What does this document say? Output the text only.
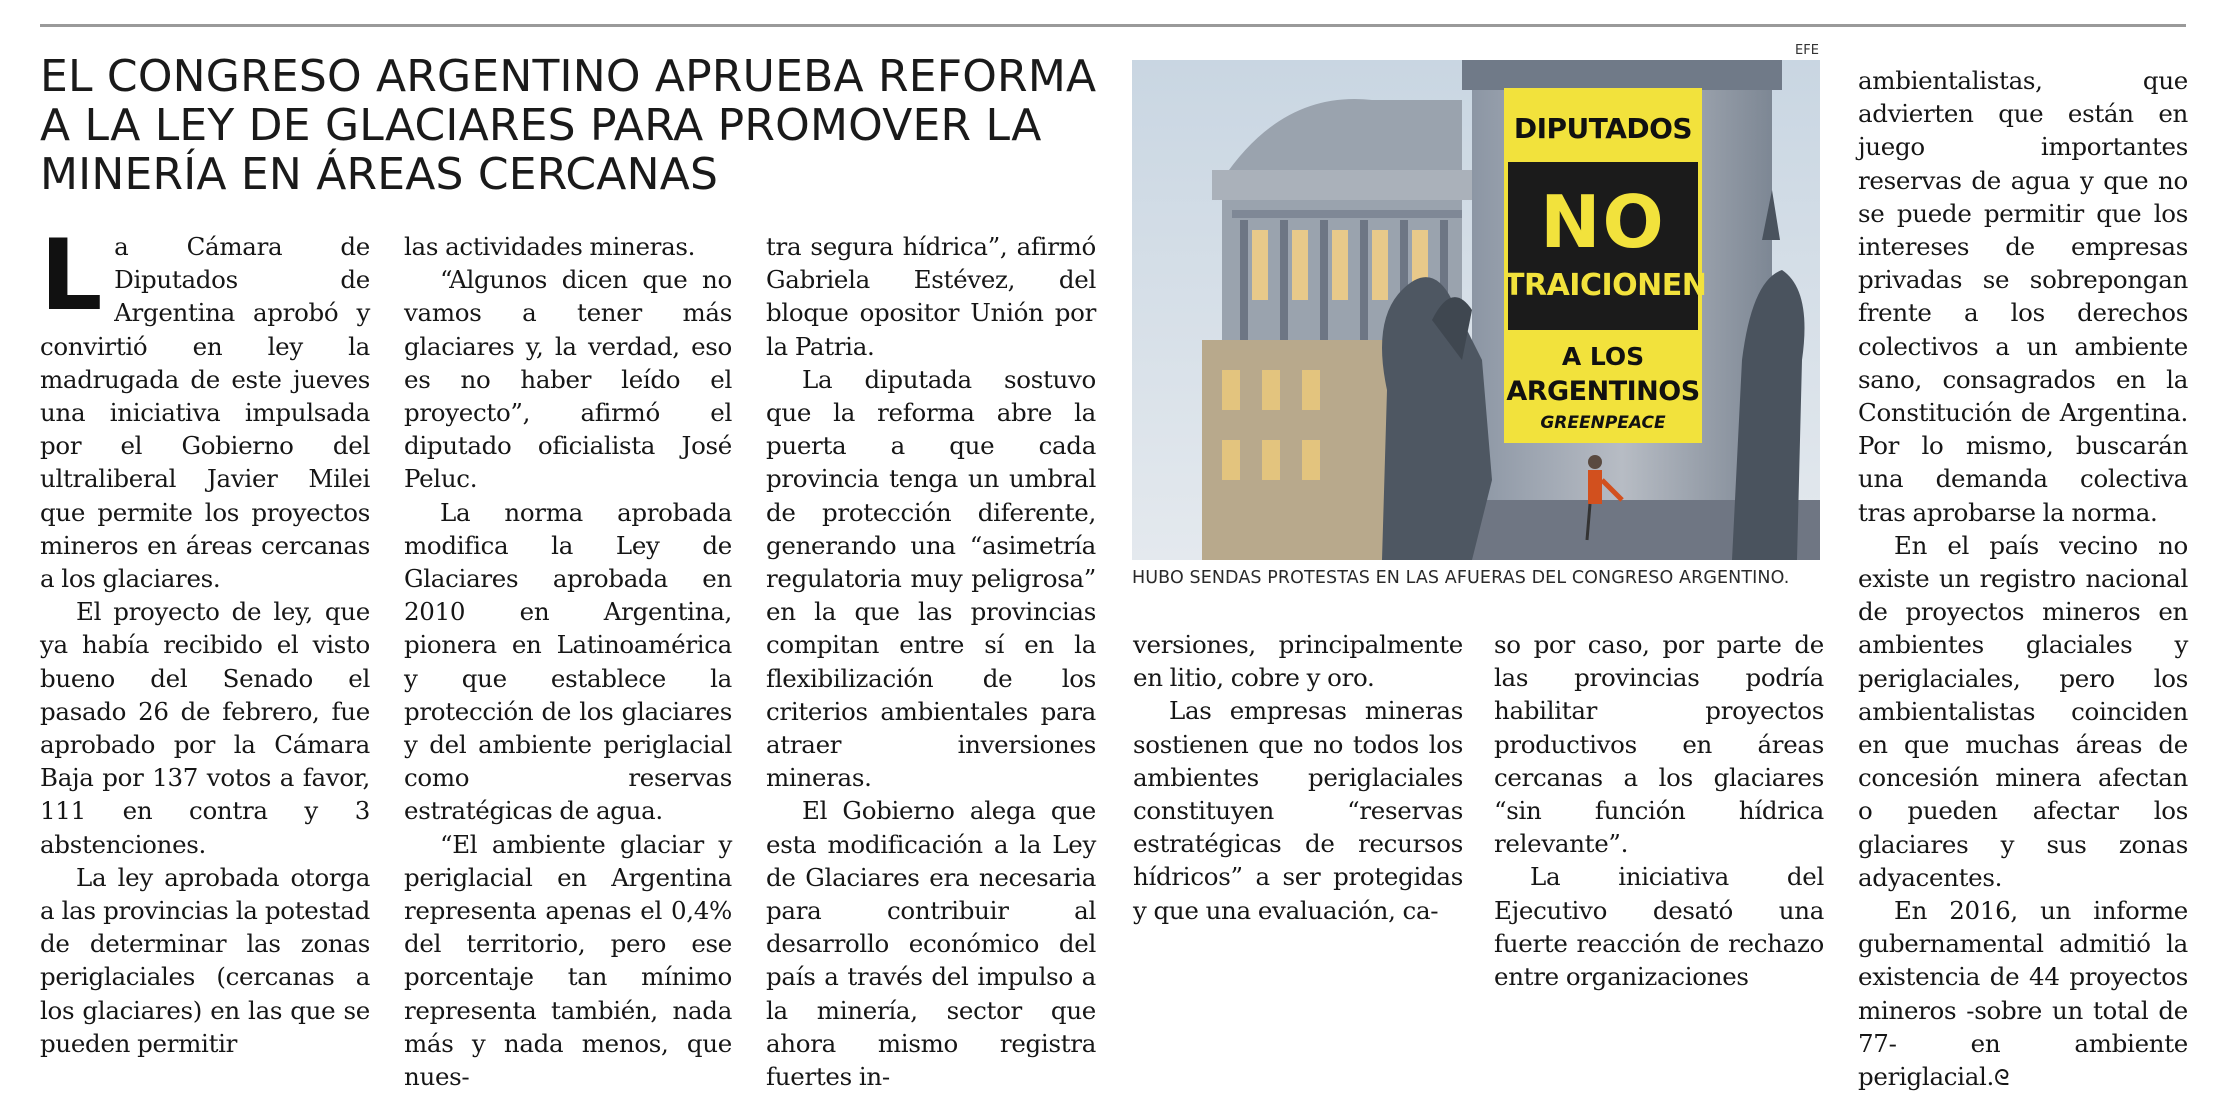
EL CONGRESO ARGENTINO APRUEBA REFORMA A LA LEY DE GLACIARES PARA PROMOVER LA MINERÍA EN ÁREAS CERCANAS

La Cámara de Diputados de Argentina aprobó y convirtió en ley la madrugada de este jueves una iniciativa impulsada por el Gobierno del ultraliberal Javier Milei que permite los proyectos mineros en áreas cercanas a los glaciares.

El proyecto de ley, que ya había recibido el visto bueno del Senado el pasado 26 de febrero, fue aprobado por la Cámara Baja por 137 votos a favor, 111 en contra y 3 abstenciones.

La ley aprobada otorga a las provincias la potestad de determinar las zonas periglaciales (cercanas a los glaciares) en las que se pueden permitir

las actividades mineras.

“Algunos dicen que no vamos a tener más glaciares y, la verdad, eso es no haber leído el proyecto”, afirmó el diputado oficialista José Peluc.

La norma aprobada modifica la Ley de Glaciares aprobada en 2010 en Argentina, pionera en Latinoamérica y que establece la protección de los glaciares y del ambiente periglacial como reservas estratégicas de agua.

“El ambiente glaciar y periglacial en Argentina representa apenas el 0,4% del territorio, pero ese porcentaje tan mínimo representa también, nada más y nada menos, que nues-

tra segura hídrica”, afirmó Gabriela Estévez, del bloque opositor Unión por la Patria.

La diputada sostuvo que la reforma abre la puerta a que cada provincia tenga un umbral de protección diferente, generando una “asimetría regulatoria muy peligrosa” en la que las provincias compitan entre sí en la flexibilización de los criterios ambientales para atraer inversiones mineras.

El Gobierno alega que esta modificación a la Ley de Glaciares era necesaria para contribuir al desarrollo económico del país a través del impulso a la minería, sector que ahora mismo registra fuertes in-

EFE
DIPUTADOS
NO
TRAICIONEN
A LOS
ARGENTINOS
GREENPEACE
HUBO SENDAS PROTESTAS EN LAS AFUERAS DEL CONGRESO ARGENTINO.

versiones, principalmente en litio, cobre y oro.

Las empresas mineras sostienen que no todos los ambientes periglaciales constituyen “reservas estratégicas de recursos hídricos” a ser protegidas y que una evaluación, ca-

so por caso, por parte de las provincias podría habilitar proyectos productivos en áreas cercanas a los glaciares “sin función hídrica relevante”.

La iniciativa del Ejecutivo desató una fuerte reacción de rechazo entre organizaciones

ambientalistas, que advierten que están en juego importantes reservas de agua y que no se puede permitir que los intereses de empresas privadas se sobrepongan frente a los derechos colectivos a un ambiente sano, consagrados en la Constitución de Argentina. Por lo mismo, buscarán una demanda colectiva tras aprobarse la norma.

En el país vecino no existe un registro nacional de proyectos mineros en ambientes glaciales y periglaciales, pero los ambientalistas coinciden en que muchas áreas de concesión minera afectan o pueden afectar los glaciares y sus zonas adyacentes.

En 2016, un informe gubernamental admitió la existencia de 44 proyectos mineros -sobre un total de 77- en ambiente periglacial.ᘓ
